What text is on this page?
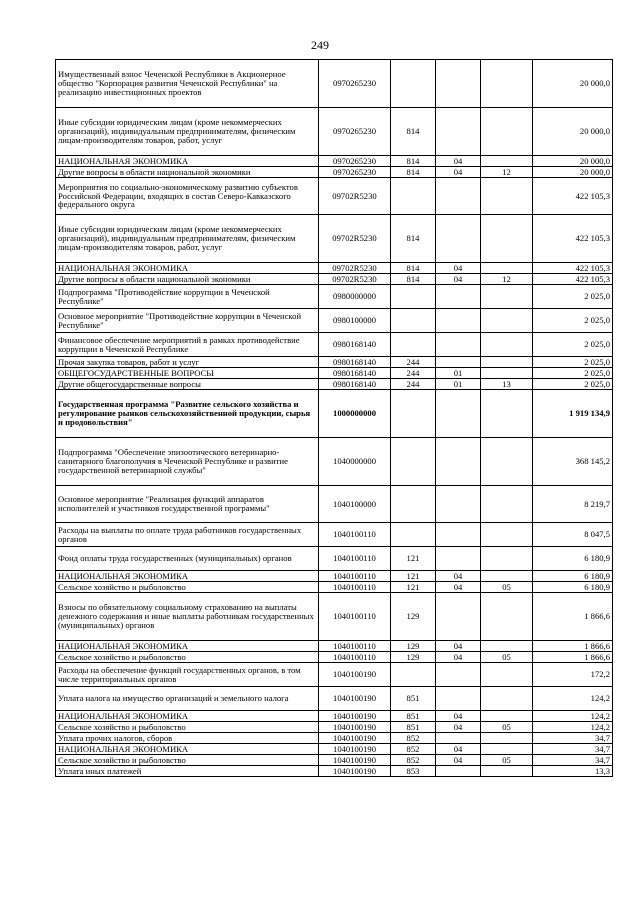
249
Имущественный взнос Чеченской Республики в Акционерное общество "Корпорация развития Чеченской Республики" на реализацию инвестиционных проектов	0970265230				20 000,0
Иные субсидии юридическим лицам (кроме некоммерческих организаций), индивидуальным предпринимателям, физическим лицам-производителям товаров, работ, услуг	0970265230	814			20 000,0
НАЦИОНАЛЬНАЯ ЭКОНОМИКА	0970265230	814	04		20 000,0
Другие вопросы в области национальной экономики	0970265230	814	04	12	20 000,0
Мероприятия по социально-экономическому развитию субъектов Российской Федерации, входящих в состав Северо-Кавказского федерального округа	09702R5230				422 105,3
Иные субсидии юридическим лицам (кроме некоммерческих организаций), индивидуальным предпринимателям, физическим лицам-производителям товаров, работ, услуг	09702R5230	814			422 105,3
НАЦИОНАЛЬНАЯ ЭКОНОМИКА	09702R5230	814	04		422 105,3
Другие вопросы в области национальной экономики	09702R5230	814	04	12	422 105,3
Подпрограмма "Противодействие коррупции в Чеченской Республике"	0980000000				2 025,0
Основное мероприятие "Противодействие коррупции в Чеченской Республике"	0980100000				2 025,0
Финансовое обеспечение мероприятий в рамках противодействие коррупции в Чеченской Республике	0980168140				2 025,0
Прочая закупка товаров, работ и услуг	0980168140	244			2 025,0
ОБЩЕГОСУДАРСТВЕННЫЕ ВОПРОСЫ	0980168140	244	01		2 025,0
Другие общегосударственные вопросы	0980168140	244	01	13	2 025,0
Государственная программа "Развитие сельского хозяйства и регулирование рынков сельскохозяйственной продукции, сырья и продовольствия"	1000000000				1 919 134,9
Подпрограмма "Обеспечение эпизоотического ветеринарно-санитарного благополучия в Чеченской Республике и развитие государственной ветеринарной службы"	1040000000				368 145,2
Основное мероприятие "Реализация функций аппаратов исполнителей и участников государственной программы"	1040100000				8 219,7
Расходы на выплаты по оплате труда работников государственных органов	1040100110				8 047,5
Фонд оплаты труда государственных (муниципальных) органов	1040100110	121			6 180,9
НАЦИОНАЛЬНАЯ ЭКОНОМИКА	1040100110	121	04		6 180,9
Сельское хозяйство и рыболовство	1040100110	121	04	05	6 180,9
Взносы по обязательному социальному страхованию на выплаты денежного содержания и иные выплаты работникам государственных (муниципальных) органов	1040100110	129			1 866,6
НАЦИОНАЛЬНАЯ ЭКОНОМИКА	1040100110	129	04		1 866,6
Сельское хозяйство и рыболовство	1040100110	129	04	05	1 866,6
Расходы на обеспечение функций государственных органов, в том числе территориальных органов	1040100190				172,2
Уплата налога на имущество организаций и земельного налога	1040100190	851			124,2
НАЦИОНАЛЬНАЯ ЭКОНОМИКА	1040100190	851	04		124,2
Сельское хозяйство и рыболовство	1040100190	851	04	05	124,2
Уплата прочих налогов, сборов	1040100190	852			34,7
НАЦИОНАЛЬНАЯ ЭКОНОМИКА	1040100190	852	04		34,7
Сельское хозяйство и рыболовство	1040100190	852	04	05	34,7
Уплата иных платежей	1040100190	853			13,3
